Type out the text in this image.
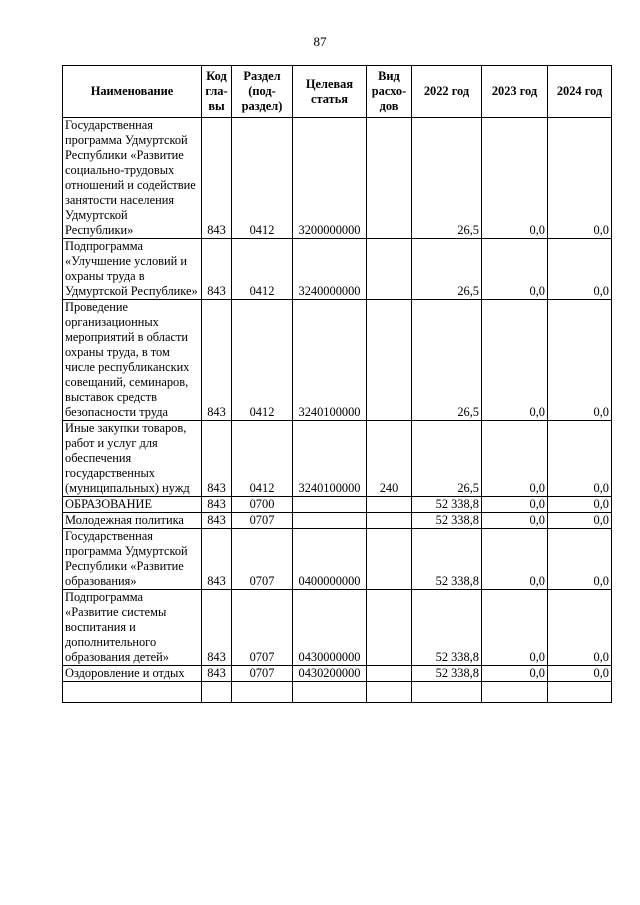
87
Наименование	Код гла-вы	Раздел (под-раздел)	Целевая статья	Вид расхо-дов	2022 год	2023 год	2024 год
Государственная программа Удмуртской Республики «Развитие социально-трудовых отношений и содействие занятости населения Удмуртской Республики»	843	0412	3200000000		26,5	0,0	0,0
Подпрограмма «Улучшение условий и охраны труда в Удмуртской Республике»	843	0412	3240000000		26,5	0,0	0,0
Проведение организационных мероприятий в области охраны труда, в том числе республиканских совещаний, семинаров, выставок средств безопасности труда	843	0412	3240100000		26,5	0,0	0,0
Иные закупки товаров, работ и услуг для обеспечения государственных (муниципальных) нужд	843	0412	3240100000	240	26,5	0,0	0,0
ОБРАЗОВАНИЕ	843	0700			52 338,8	0,0	0,0
Молодежная политика	843	0707			52 338,8	0,0	0,0
Государственная программа Удмуртской Республики «Развитие образования»	843	0707	0400000000		52 338,8	0,0	0,0
Подпрограмма «Развитие системы воспитания и дополнительного образования детей»	843	0707	0430000000		52 338,8	0,0	0,0
Оздоровление и отдых	843	0707	0430200000		52 338,8	0,0	0,0
